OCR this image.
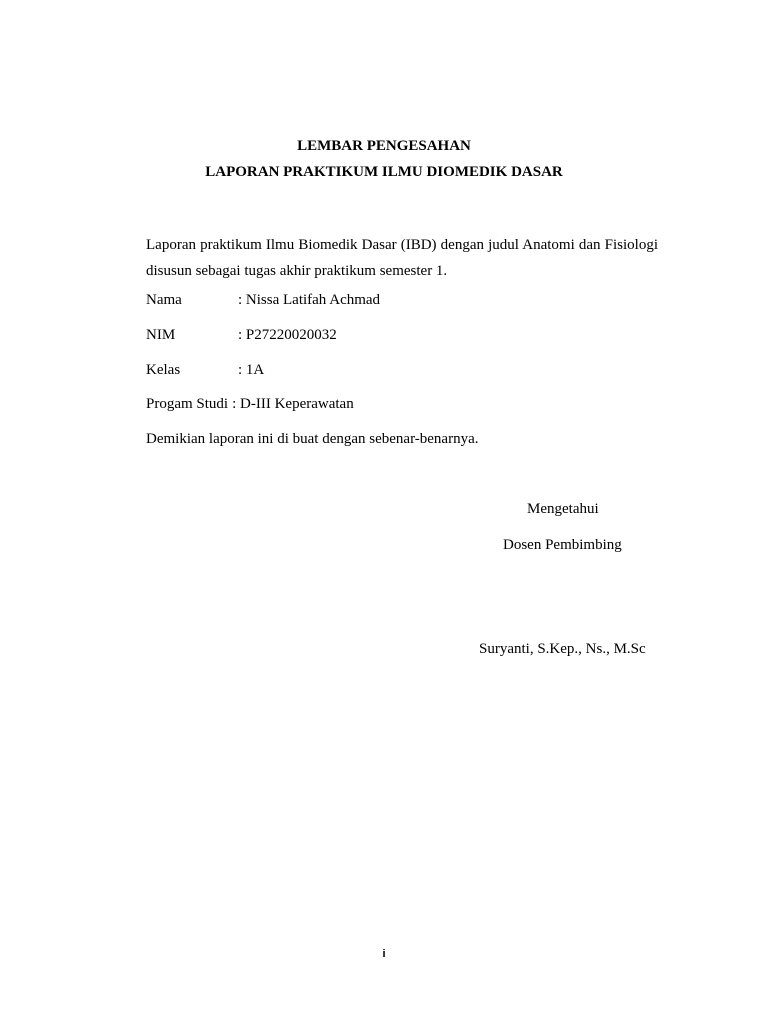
LEMBAR PENGESAHAN
LAPORAN PRAKTIKUM ILMU DIOMEDIK DASAR

Laporan praktikum Ilmu Biomedik Dasar (IBD) dengan judul Anatomi dan Fisiologi disusun sebagai tugas akhir praktikum semester 1.

Nama	: Nissa Latifah Achmad
NIM	: P27220020032
Kelas	: 1A
Progam Studi : D-III Keperawatan
Demikian laporan ini di buat dengan sebenar-benarnya.
Mengetahui
Dosen Pembimbing
Suryanti, S.Kep., Ns., M.Sc
i
